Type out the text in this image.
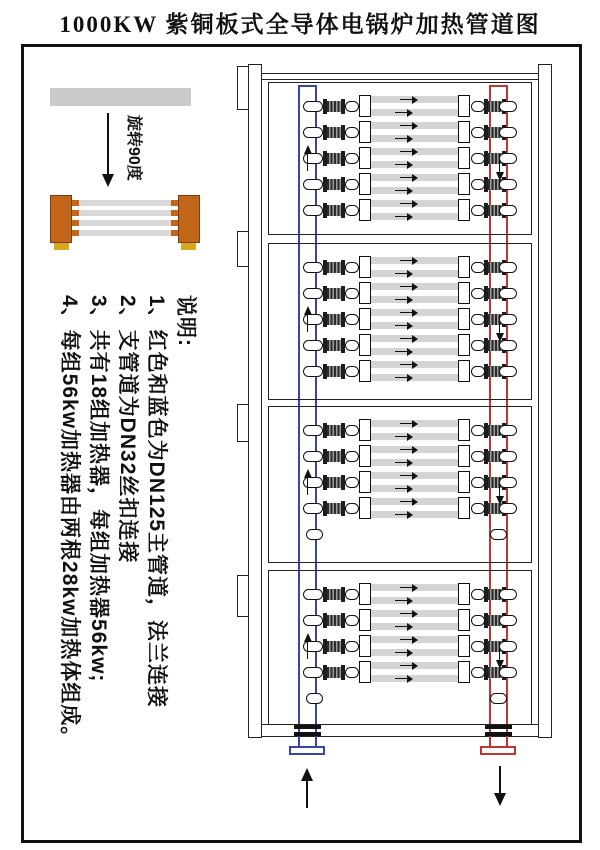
1000KW 紫铜板式全导体电锅炉加热管道图
旋转90度
说明:
1、红色和蓝色为DN125主管道，法兰连接
2、支管道为DN32丝扣连接
3、共有18组加热器，每组加热器56kw;
4、每组56kw加热器由两根28kw加热体组成。
